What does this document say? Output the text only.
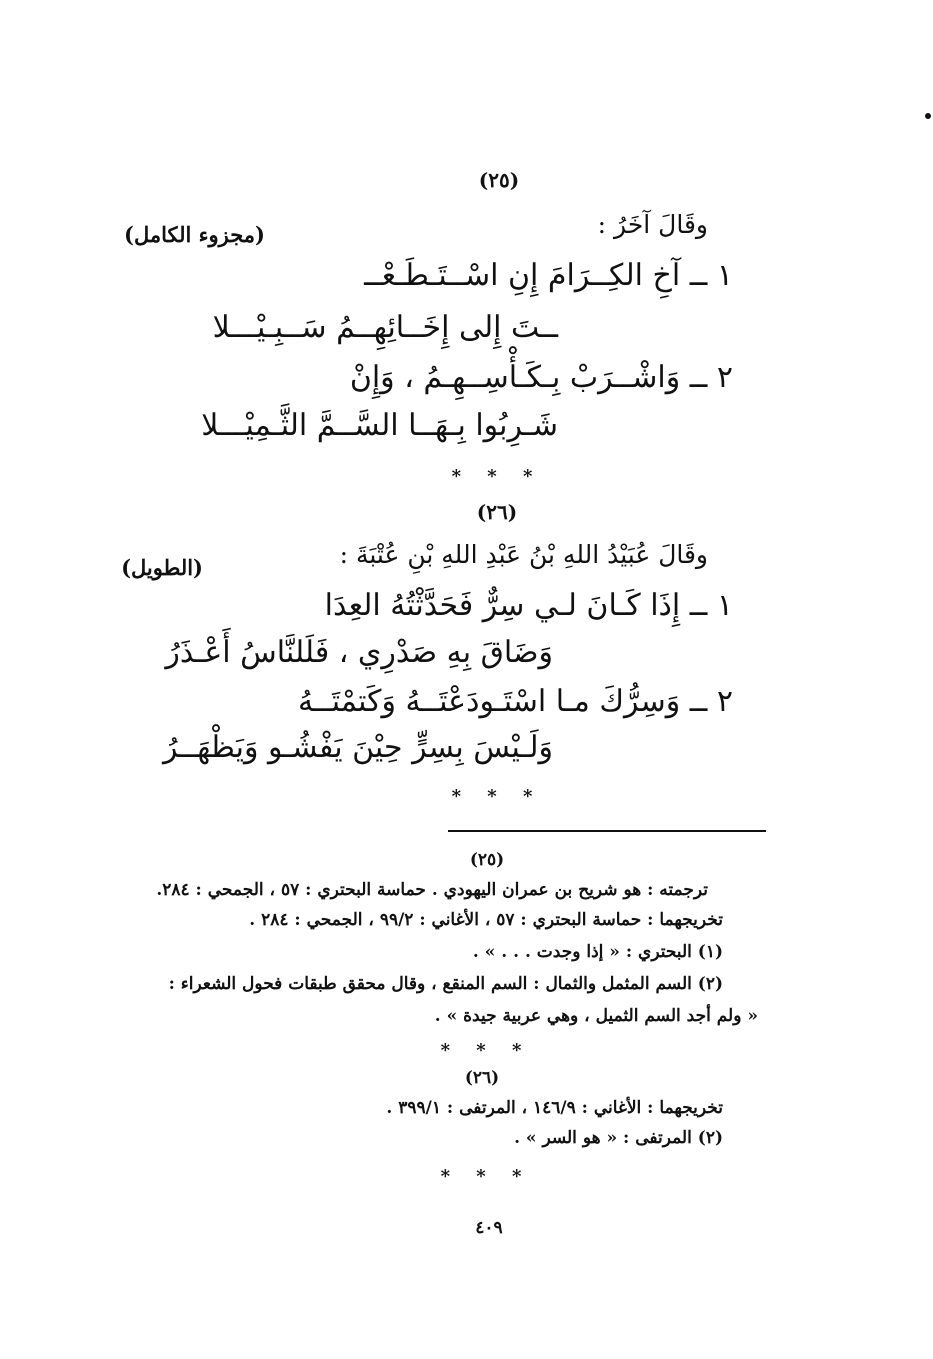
(٢٥)
وقَالَ آخَرُ :
(مجزوء الكامل)
١ ــ آخِ الكِــرَامَ إِنِ اسْــتَـطَـعْــ
ــتَ إِلى إِخَــائِهِــمُ سَــبِـيْـــلا
٢ ــ وَاشْــرَبْ بِـكَـأْسِــهِـمُ ، وَإِنْ
شَـرِبُوا بِـهَــا السَّــمَّ الثَّـمِيْـــلا
* * *
(٢٦)
وقَالَ عُبَيْدُ اللهِ بْنُ عَبْدِ اللهِ بْنِ عُتْبَةَ :
(الطويل)
١ ــ إِذَا كَـانَ لـي سِرٌّ فَحَدَّثْتُهُ العِدَا
وَضَاقَ بِهِ صَدْرِي ، فَلَلنَّاسُ أَعْـذَرُ
٢ ــ وَسِرُّكَ مـا اسْتَـودَعْتَــهُ وَكَتمْتَــهُ
وَلَـيْسَ بِسِرٍّ حِيْنَ يَفْشُـو وَيَظْهَــرُ
* * *
(٢٥)
ترجمته : هو شريح بن عمران اليهودي . حماسة البحتري : ٥٧ ، الجمحي : ٢٨٤.
تخريجهما : حماسة البحتري : ٥٧ ، الأغاني : ٩٩/٢ ، الجمحي : ٢٨٤ .
(١) البحتري : « إذا وجدت . . . » .
(٢) السم المثمل والثمال : السم المنقع ، وقال محقق طبقات فحول الشعراء :
« ولم أجد السم الثميل ، وهي عربية جيدة » .
* * *
(٢٦)
تخريجهما : الأغاني : ١٤٦/٩ ، المرتفى : ٣٩٩/١ .
(٢) المرتفى : « هو السر » .
* * *
٤٠٩
